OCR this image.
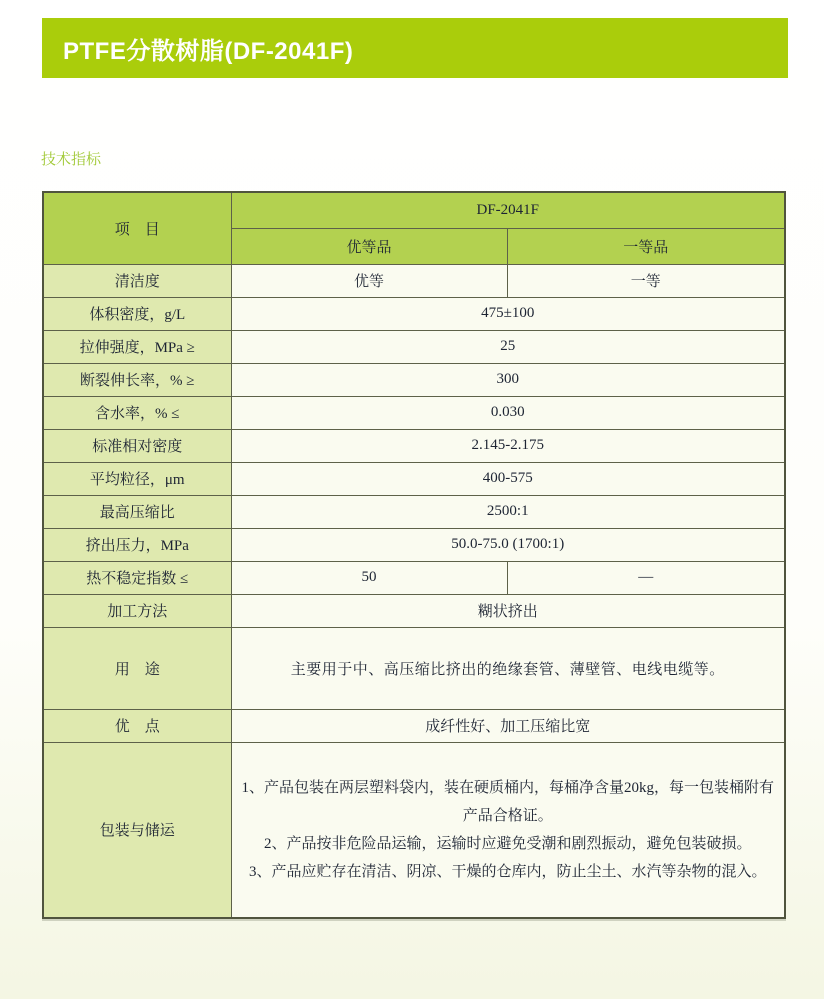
PTFE分散树脂(DF-2041F)
技术指标
项　目	DF-2041F	
	优等品	一等品
清洁度	优等	一等
体积密度，g/L	475±100	
拉伸强度，MPa ≥	25	
断裂伸长率，% ≥	300	
含水率，% ≤	0.030	
标准相对密度	2.145-2.175	
平均粒径，μm	400-575	
最高压缩比	2500:1	
挤出压力，MPa	50.0-75.0 (1700:1)	
热不稳定指数 ≤	50	—
加工方法	糊状挤出	
用　途	主要用于中、高压缩比挤出的绝缘套管、薄壁管、电线电缆等。	
优　点	成纤性好、加工压缩比宽	
包装与储运	1、产品包装在两层塑料袋内，装在硬质桶内，每桶净含量20kg，每一包装桶附有产品合格证。
2、产品按非危险品运输，运输时应避免受潮和剧烈振动，避免包装破损。
3、产品应贮存在清洁、阴凉、干燥的仓库内，防止尘土、水汽等杂物的混入。	
